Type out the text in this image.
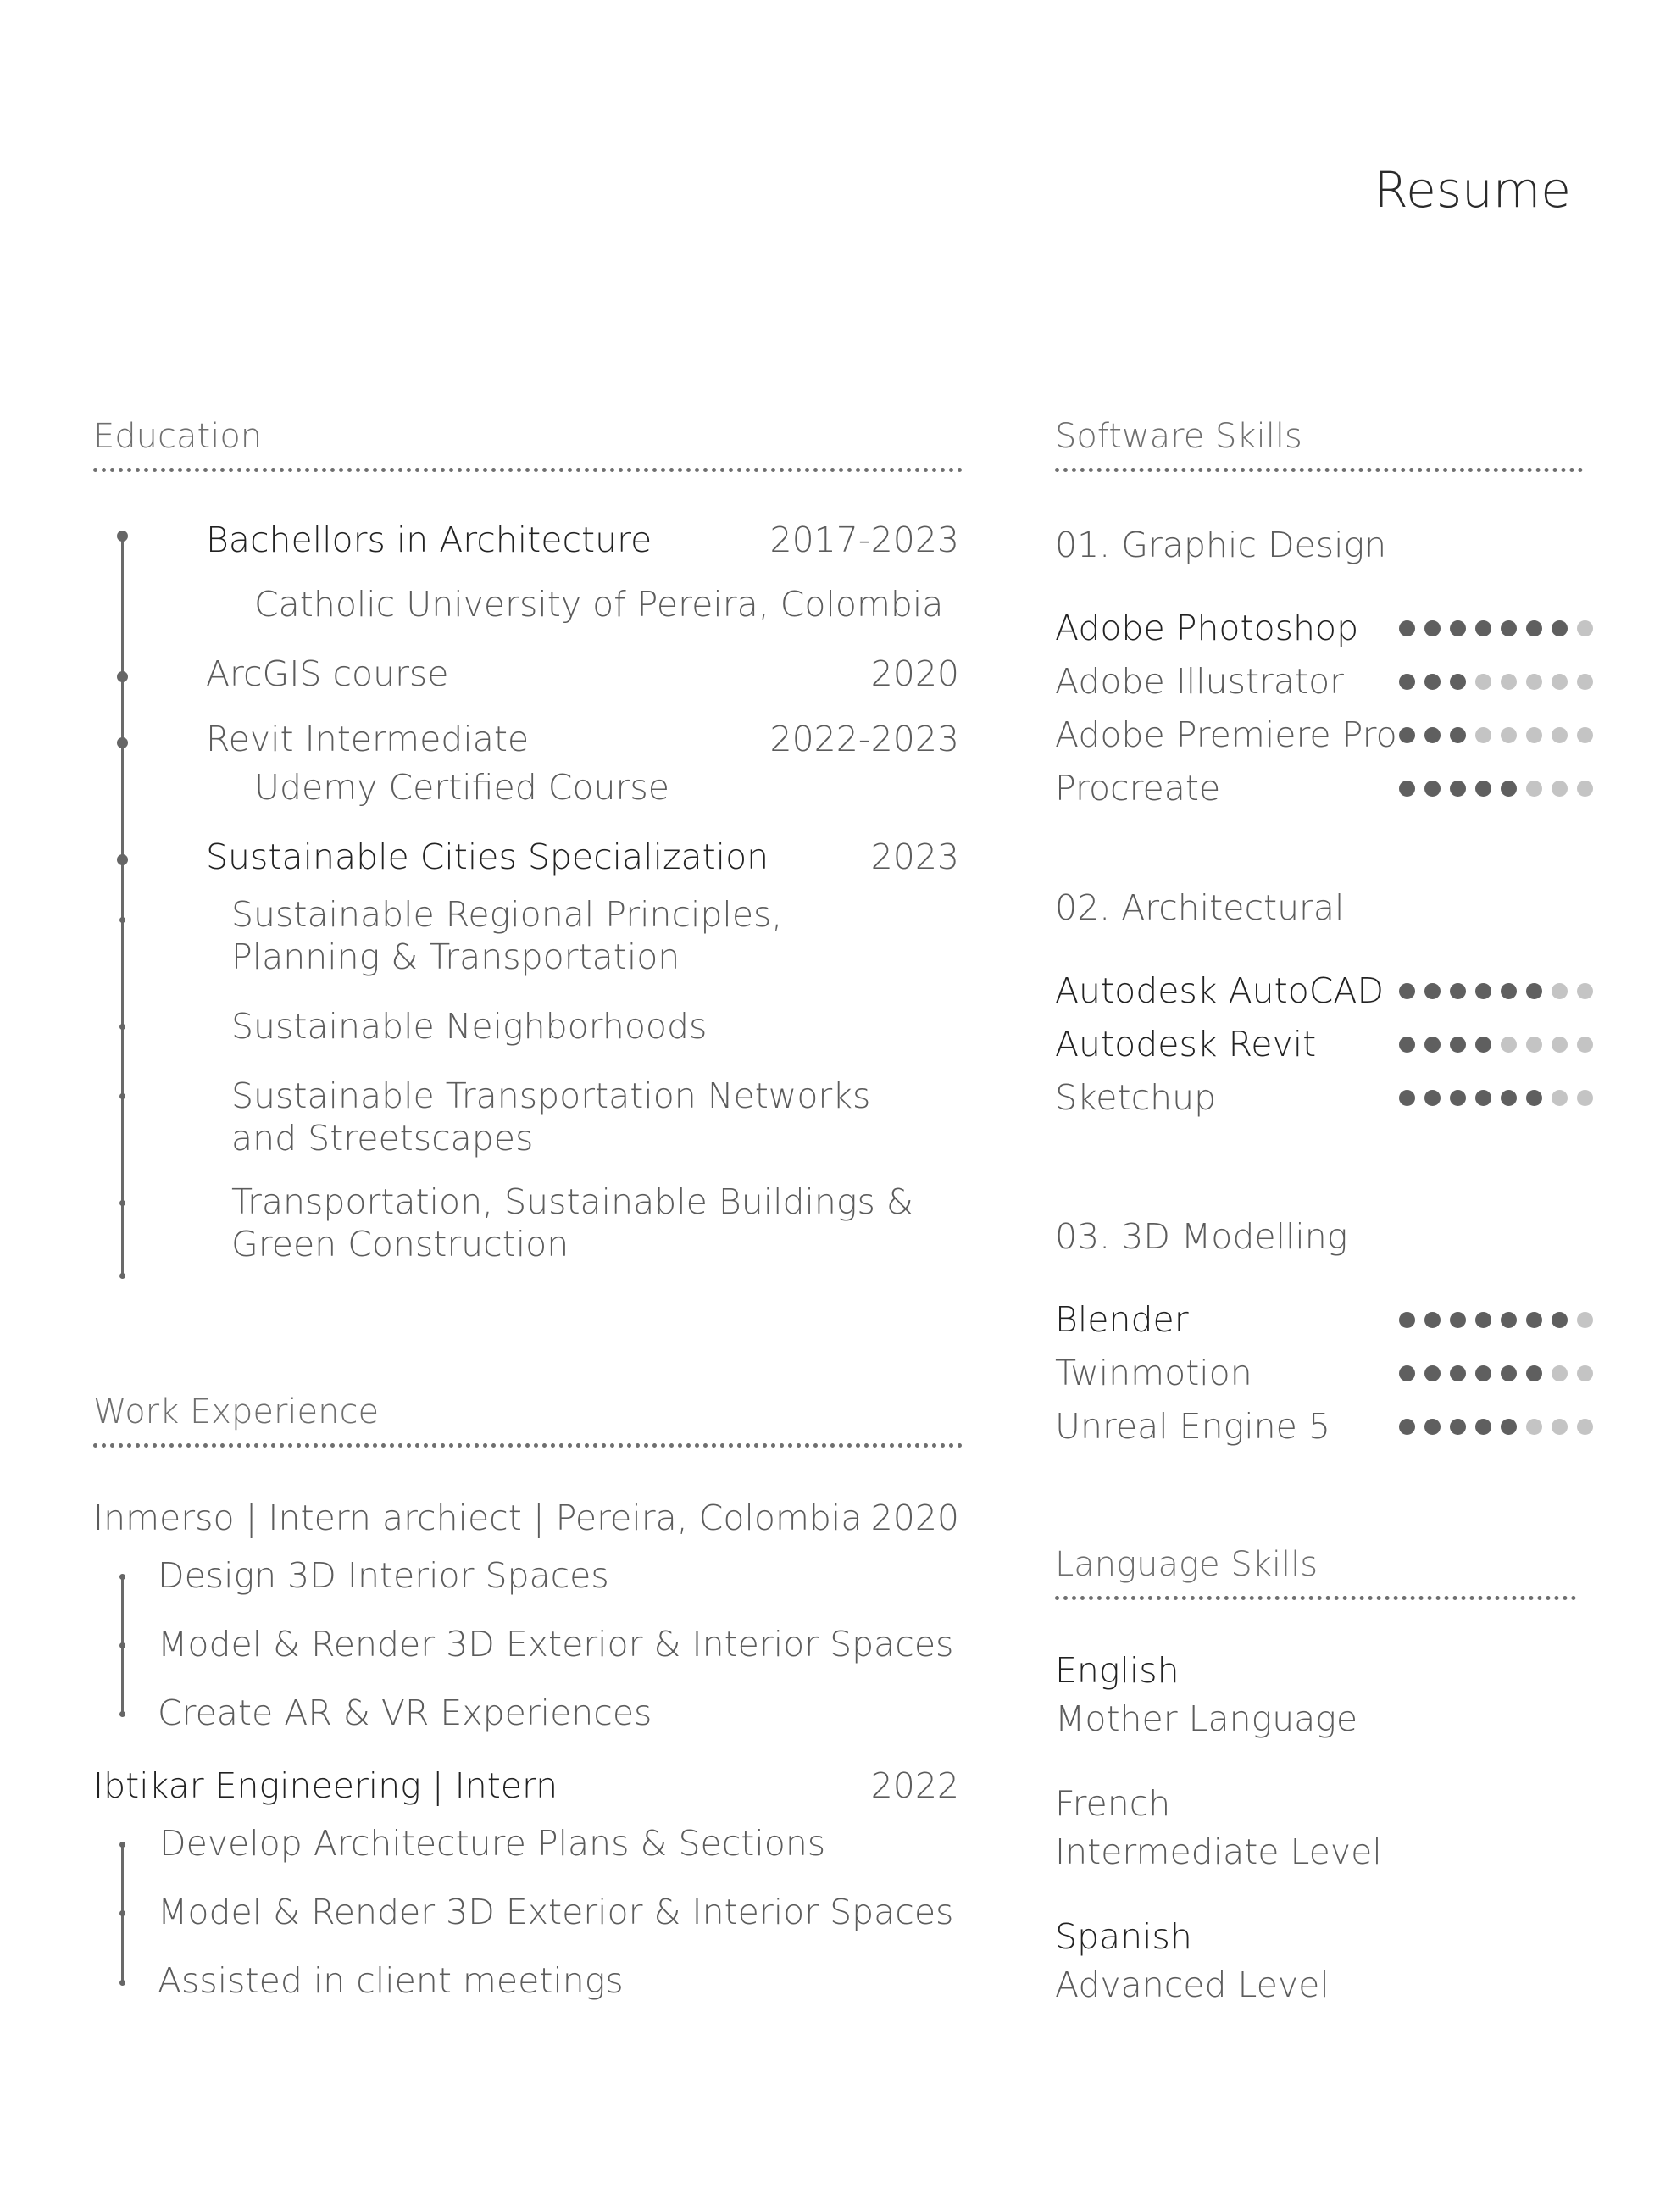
Resume
Education
Bachellors in Architecture	2017-2023
Catholic University of Pereira, Colombia
ArcGIS course	2020
Revit Intermediate	2022-2023
Udemy Certified Course
Sustainable Cities Specialization	2023
Sustainable Regional Principles,
Planning & Transportation
Sustainable Neighborhoods
Sustainable Transportation Networks
and Streetscapes
Transportation, Sustainable Buildings &
Green Construction
Work Experience
Inmerso | Intern archiect | Pereira, Colombia 2020
Design 3D Interior Spaces
Model & Render 3D Exterior & Interior Spaces
Create AR & VR Experiences
Ibtikar Engineering | Intern	2022
Develop Architecture Plans & Sections
Model & Render 3D Exterior & Interior Spaces
Assisted in client meetings
Software Skills
01. Graphic Design
Adobe Photoshop
Adobe Illustrator
Adobe Premiere Pro
Procreate
02. Architectural
Autodesk AutoCAD
Autodesk Revit
Sketchup
03. 3D Modelling
Blender
Twinmotion
Unreal Engine 5
Language Skills
English
Mother Language
French
Intermediate Level
Spanish
Advanced Level
